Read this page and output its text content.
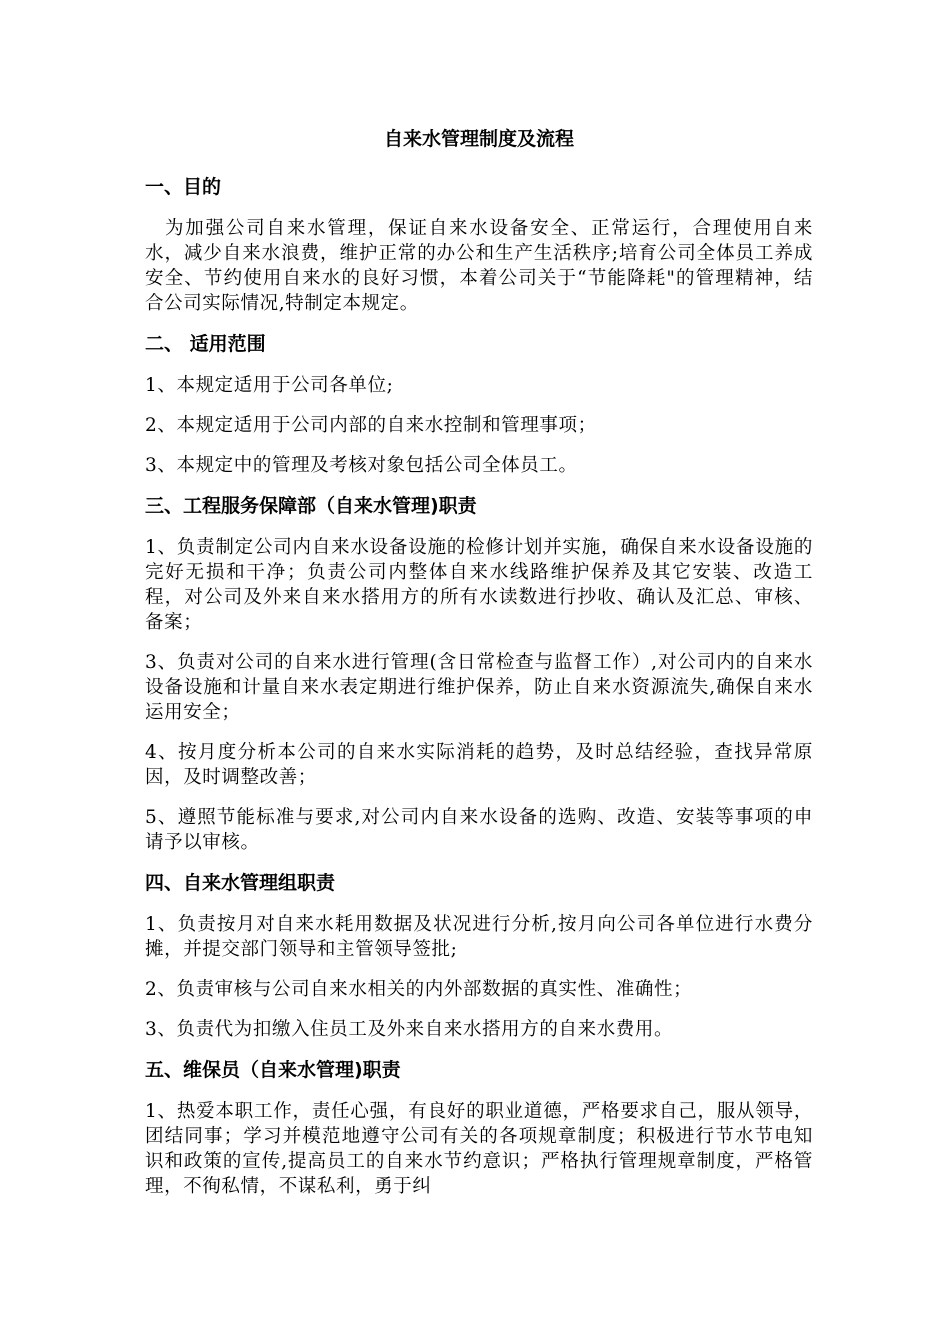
自来水管理制度及流程
一、目的

为加强公司自来水管理，保证自来水设备安全、正常运行，合理使用自来水，减少自来水浪费，维护正常的办公和生产生活秩序;培育公司全体员工养成安全、节约使用自来水的良好习惯，本着公司关于“节能降耗"的管理精神，结合公司实际情况,特制定本规定。

二、 适用范围

1、本规定适用于公司各单位;

2、本规定适用于公司内部的自来水控制和管理事项；

3、本规定中的管理及考核对象包括公司全体员工。

三、工程服务保障部（自来水管理)职责

1、负责制定公司内自来水设备设施的检修计划并实施，确保自来水设备设施的完好无损和干净；负责公司内整体自来水线路维护保养及其它安装、改造工程，对公司及外来自来水搭用方的所有水读数进行抄收、确认及汇总、审核、备案；

3、负责对公司的自来水进行管理(含日常检查与监督工作）,对公司内的自来水设备设施和计量自来水表定期进行维护保养，防止自来水资源流失,确保自来水运用安全；

4、按月度分析本公司的自来水实际消耗的趋势，及时总结经验，查找异常原因，及时调整改善；

5、遵照节能标准与要求,对公司内自来水设备的选购、改造、安装等事项的申请予以审核。

四、自来水管理组职责

1、负责按月对自来水耗用数据及状况进行分析,按月向公司各单位进行水费分摊，并提交部门领导和主管领导签批;

2、负责审核与公司自来水相关的内外部数据的真实性、准确性；

3、负责代为扣缴入住员工及外来自来水搭用方的自来水费用。

五、维保员（自来水管理)职责

1、热爱本职工作，责任心强，有良好的职业道德，严格要求自己，服从领导，团结同事；学习并模范地遵守公司有关的各项规章制度；积极进行节水节电知识和政策的宣传,提高员工的自来水节约意识；严格执行管理规章制度，严格管理，不徇私情，不谋私利，勇于纠
